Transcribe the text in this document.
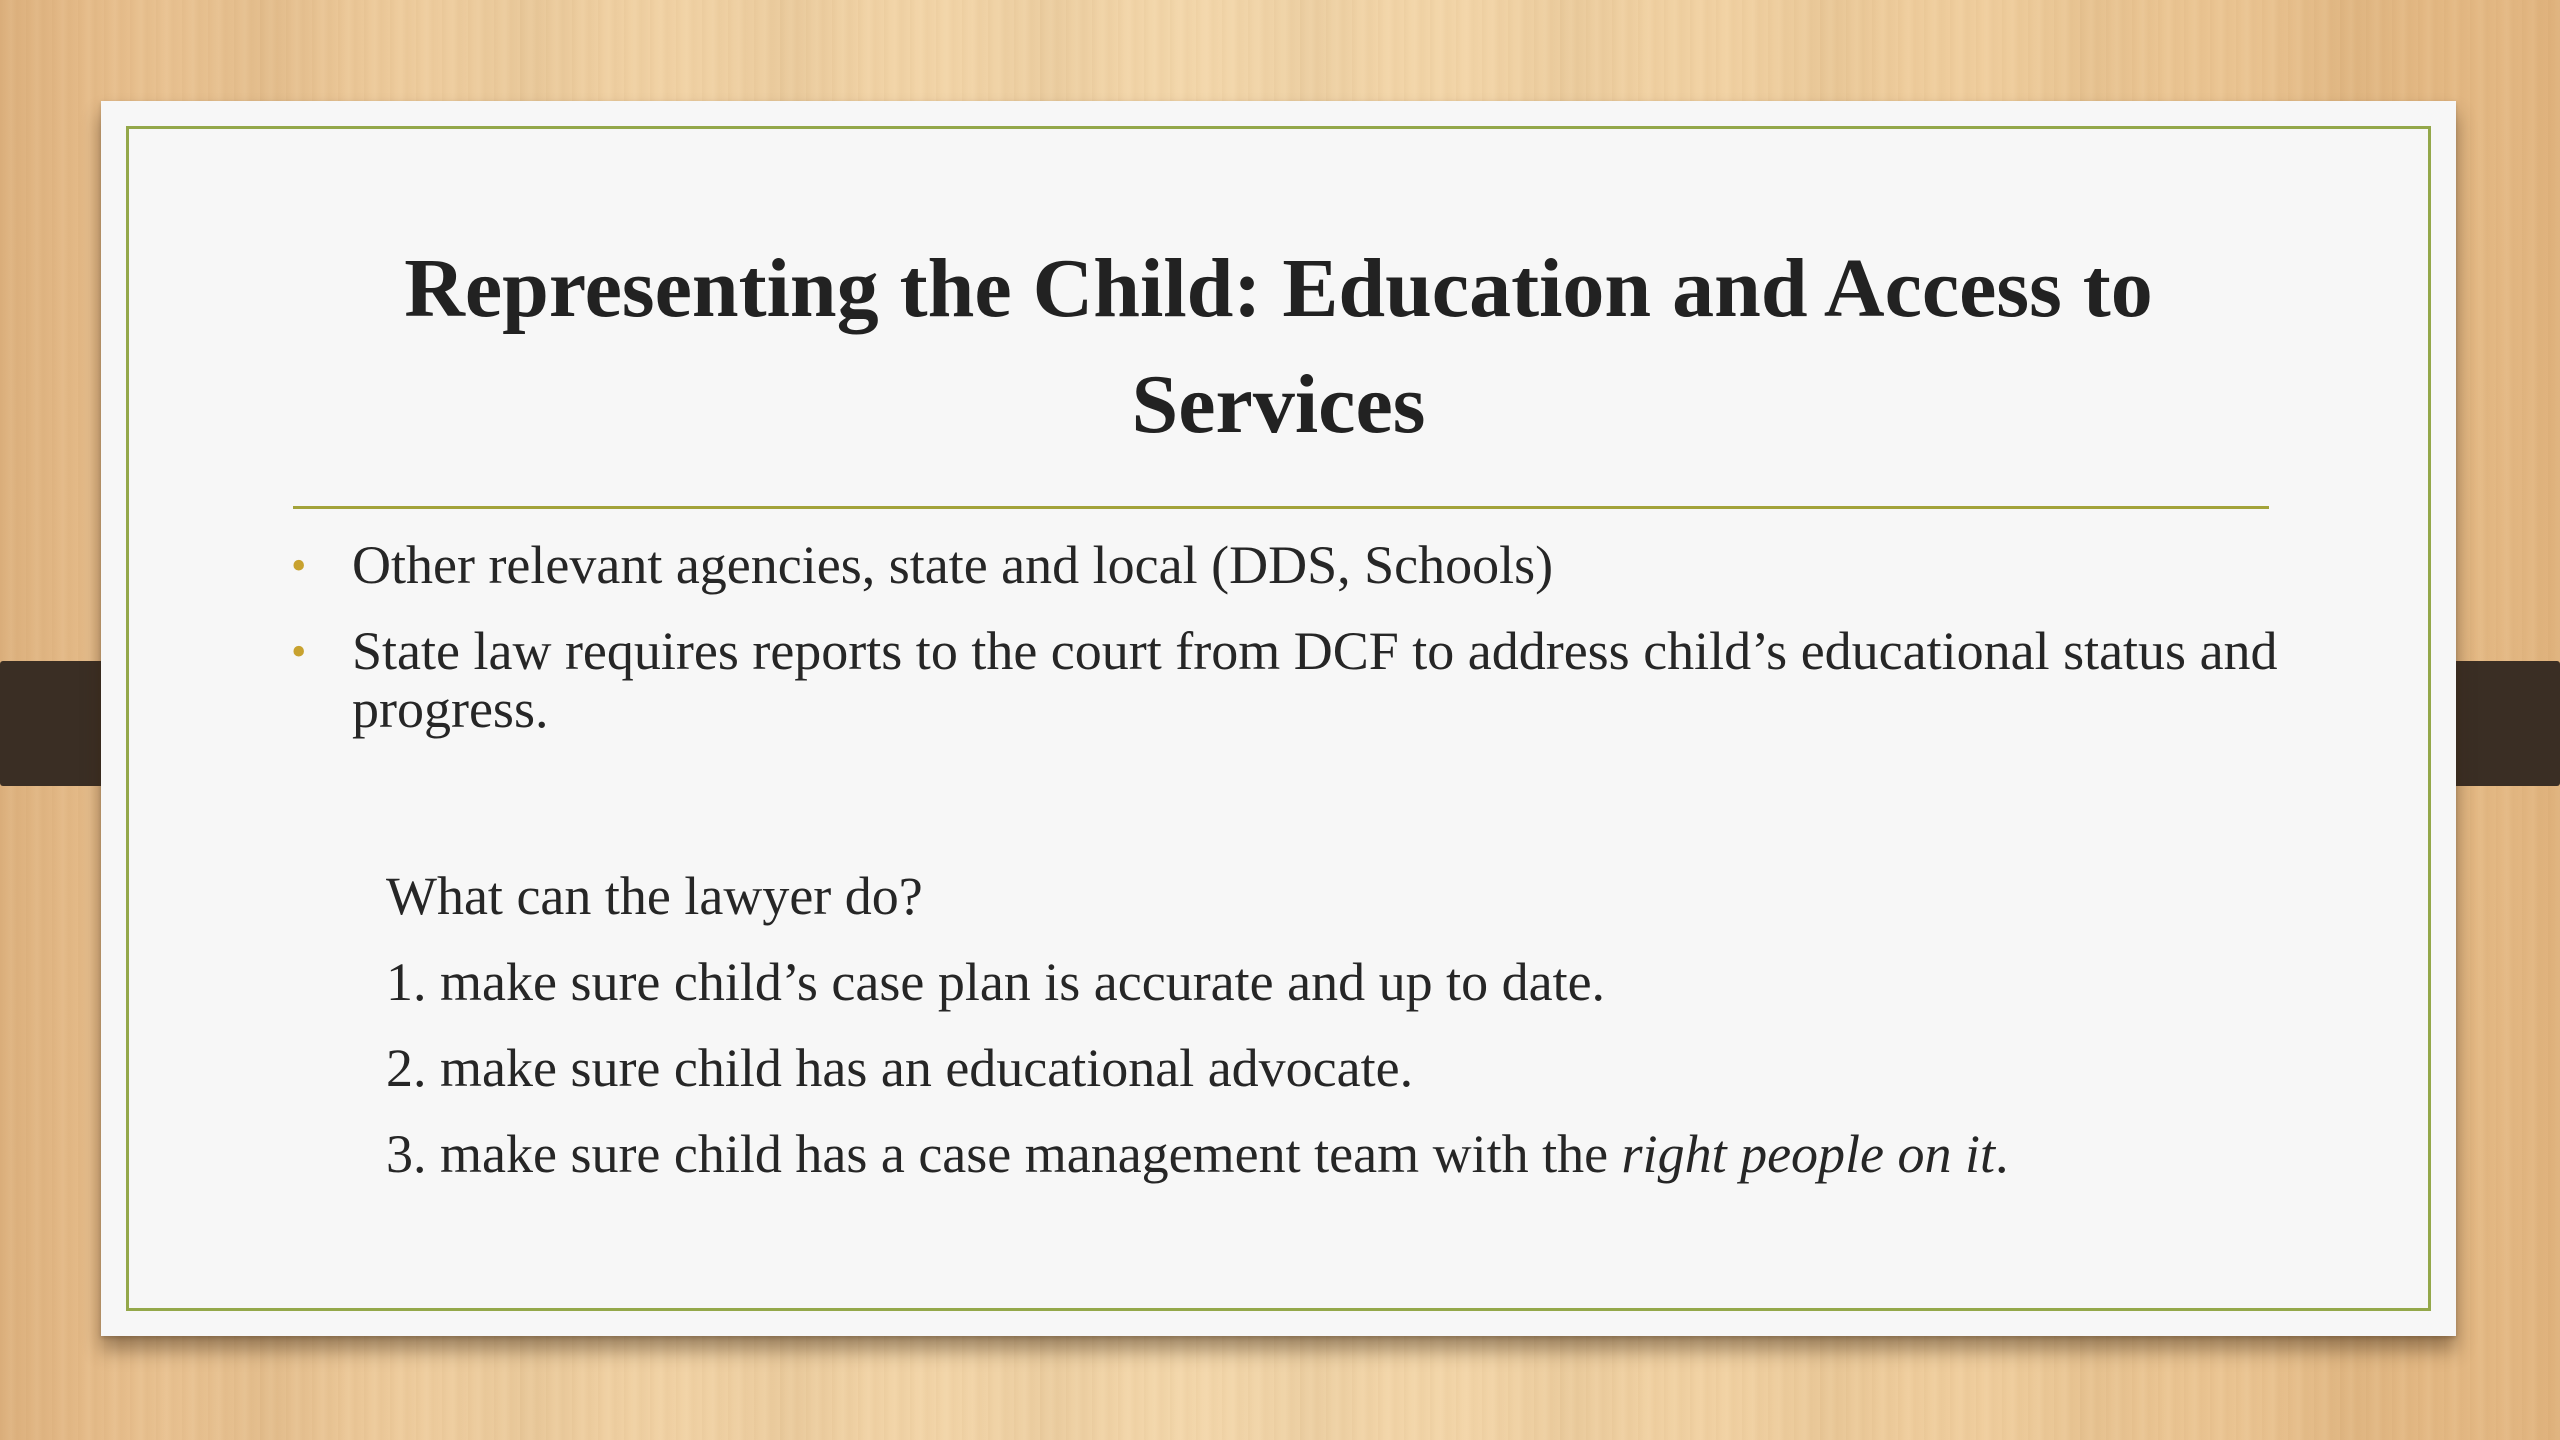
Representing the Child: Education and Access to Services
• Other relevant agencies, state and local (DDS, Schools)
• State law requires reports to the court from DCF to address child’s educational status and progress.
What can the lawyer do?
1. make sure child’s case plan is accurate and up to date.
2. make sure child has an educational advocate.
3. make sure child has a case management team with the right people on it.
